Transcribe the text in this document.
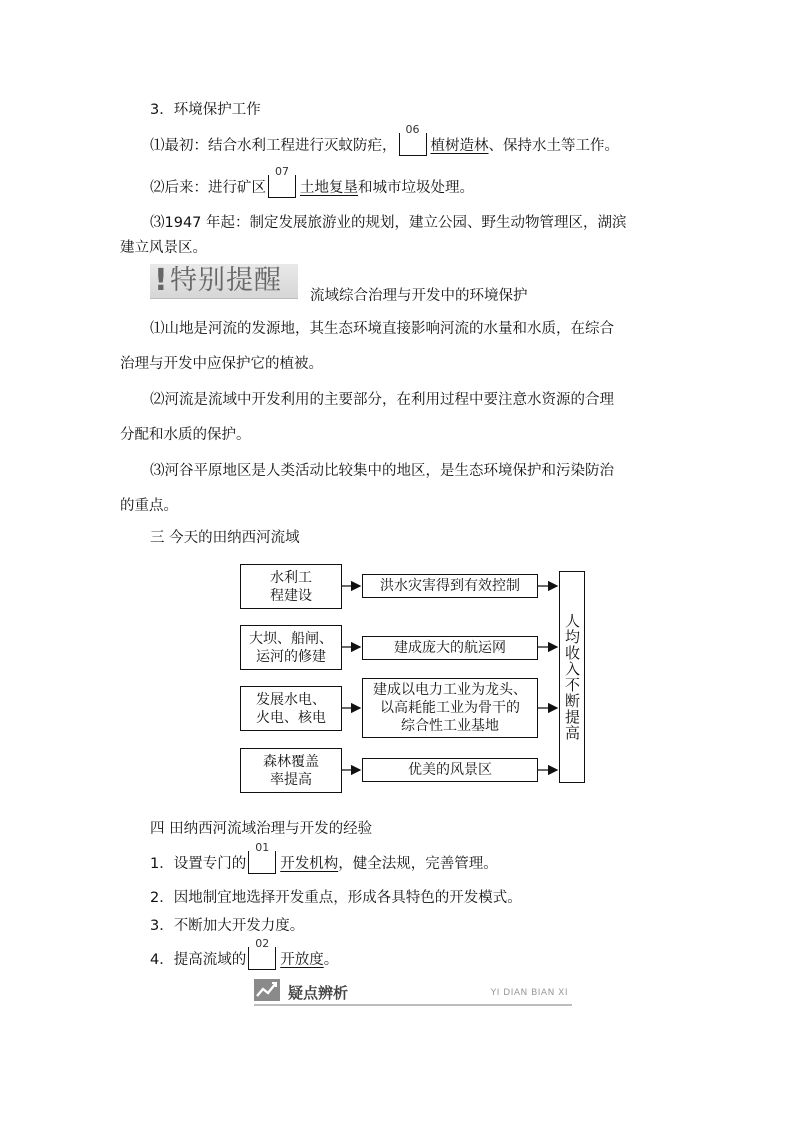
3．环境保护工作
⑴最初：结合水利工程进行灭蚊防疟，
06
植树造林、保持水土等工作。
⑵后来：进行矿区
07
土地复垦和城市垃圾处理。
⑶1947 年起：制定发展旅游业的规划，建立公园、野生动物管理区，湖滨
建立风景区。
! 特别提醒 流域综合治理与开发中的环境保护
⑴山地是河流的发源地，其生态环境直接影响河流的水量和水质，在综合
治理与开发中应保护它的植被。
⑵河流是流域中开发利用的主要部分，在利用过程中要注意水资源的合理
分配和水质的保护。
⑶河谷平原地区是人类活动比较集中的地区，是生态环境保护和污染防治
的重点。
三 今天的田纳西河流域
水利工
程建设
大坝、船闸、
运河的修建
发展水电、
火电、核电
森林覆盖
率提高
洪水灾害得到有效控制
建成庞大的航运网
建成以电力工业为龙头、
以高耗能工业为骨干的
综合性工业基地
优美的风景区
人均收入不断提高
四 田纳西河流域治理与开发的经验
1．设置专门的
01
开发机构，健全法规，完善管理。
2．因地制宜地选择开发重点，形成各具特色的开发模式。
3．不断加大开发力度。
4．提高流域的
02
开放度。
疑点辨析	YI DIAN BIAN XI
